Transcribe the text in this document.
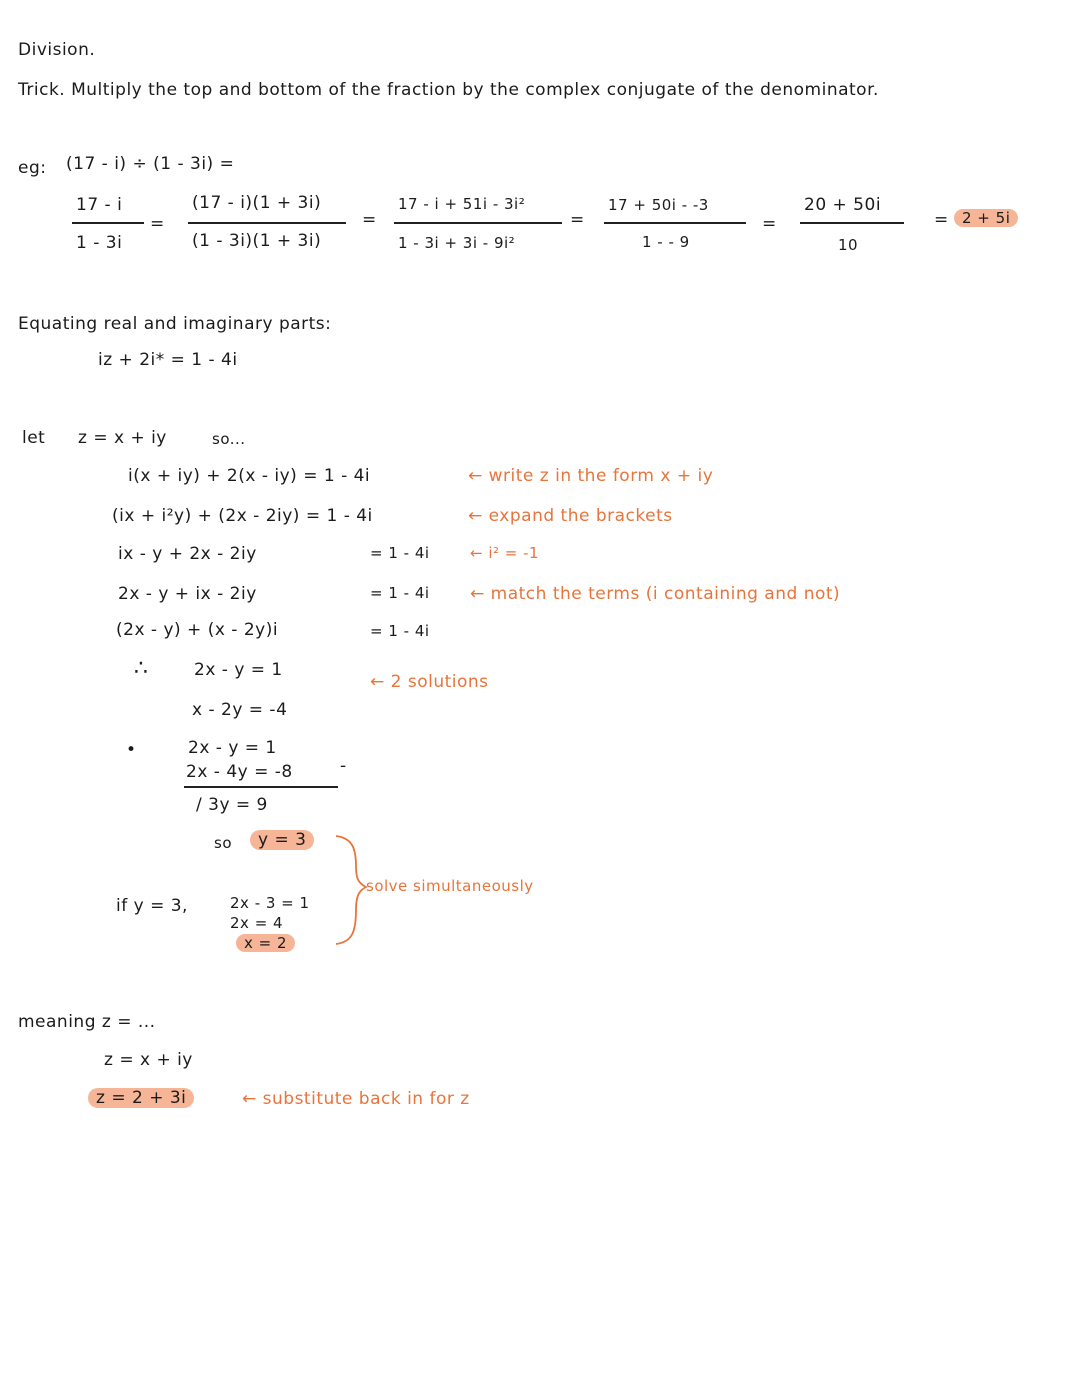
Division.
Trick. Multiply the top and bottom of the fraction by the complex conjugate of the denominator.
eg: (17 - i) ÷ (1 - 3i) =
17 - i
1 - 3i
=
(17 - i)(1 + 3i)
(1 - 3i)(1 + 3i)
=
17 - i + 51i - 3i²
1 - 3i + 3i - 9i²
=
17 + 50i - -3
1 - - 9
=
20 + 50i
10
= 2 + 5i
Equating real and imaginary parts:
iz + 2i* = 1 - 4i
let z = x + iy	so...
i(x + iy) + 2(x - iy) = 1 - 4i	← write z in the form x + iy
(ix + i²y) + (2x - 2iy) = 1 - 4i	← expand the brackets
ix - y + 2x - 2iy	= 1 - 4i	← i² = -1
2x - y + ix - 2iy	= 1 - 4i ← match the terms (i containing and not)
(2x - y) + (x - 2y)i	= 1 - 4i
∴	2x - y = 1
← 2 solutions
x - 2y = -4
•	2x - y = 1
2x - 4y = -8	-
/ 3y = 9
so	y = 3
solve simultaneously
if y = 3,	2x - 3 = 1
2x = 4
x = 2
meaning z = ...
z = x + iy
z = 2 + 3i	← substitute back in for z
